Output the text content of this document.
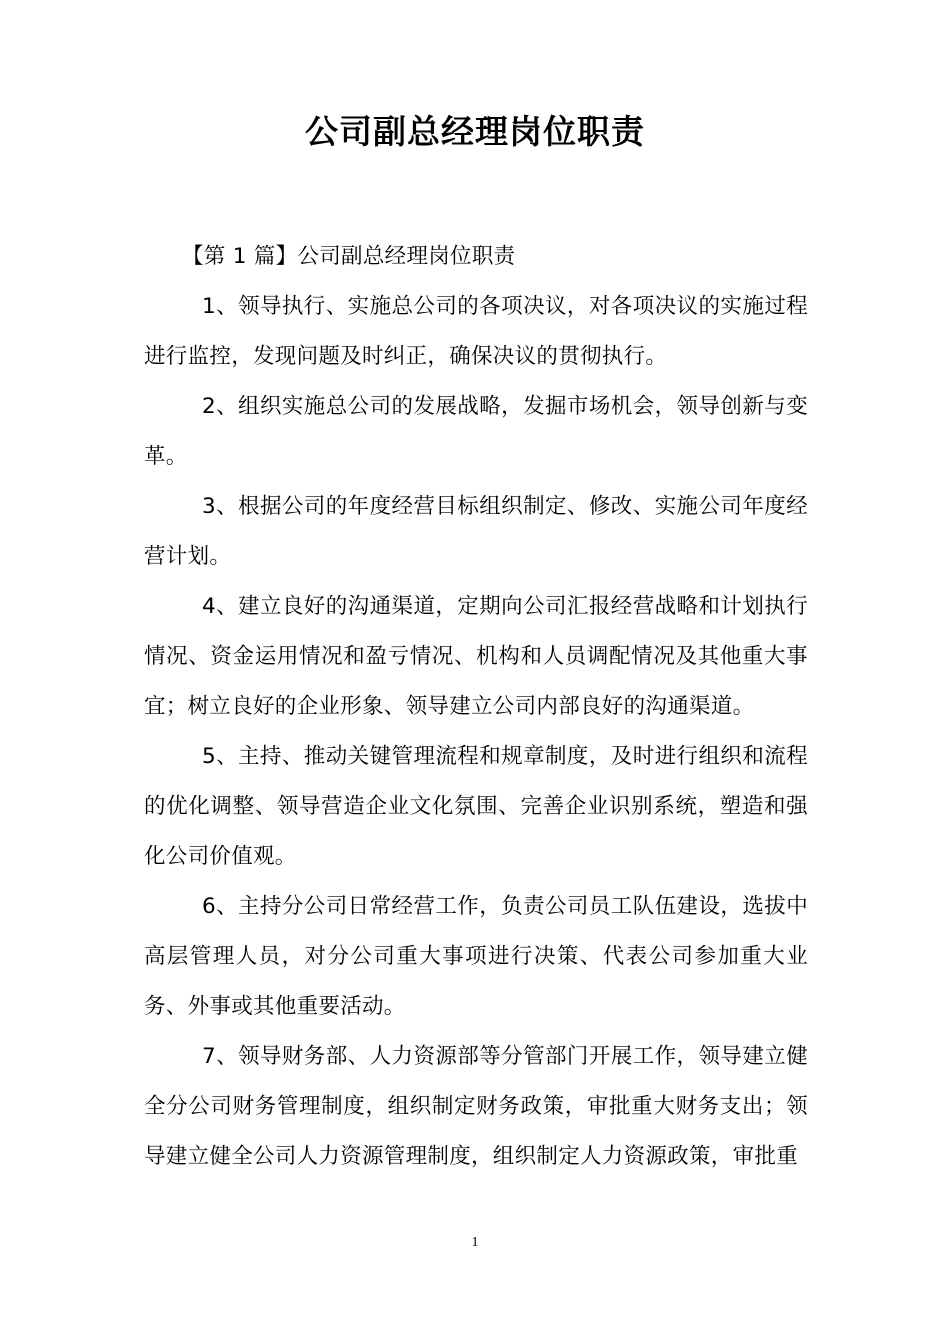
公司副总经理岗位职责

【第 1 篇】公司副总经理岗位职责

1、领导执行、实施总公司的各项决议，对各项决议的实施过程进行监控，发现问题及时纠正，确保决议的贯彻执行。

2、组织实施总公司的发展战略，发掘市场机会，领导创新与变革。

3、根据公司的年度经营目标组织制定、修改、实施公司年度经营计划。

4、建立良好的沟通渠道，定期向公司汇报经营战略和计划执行情况、资金运用情况和盈亏情况、机构和人员调配情况及其他重大事宜；树立良好的企业形象、领导建立公司内部良好的沟通渠道。

5、主持、推动关键管理流程和规章制度，及时进行组织和流程的优化调整、领导营造企业文化氛围、完善企业识别系统，塑造和强化公司价值观。

6、主持分公司日常经营工作，负责公司员工队伍建设，选拔中高层管理人员，对分公司重大事项进行决策、代表公司参加重大业务、外事或其他重要活动。

7、领导财务部、人力资源部等分管部门开展工作，领导建立健全分公司财务管理制度，组织制定财务政策，审批重大财务支出；领导建立健全公司人力资源管理制度，组织制定人力资源政策，审批重

1
